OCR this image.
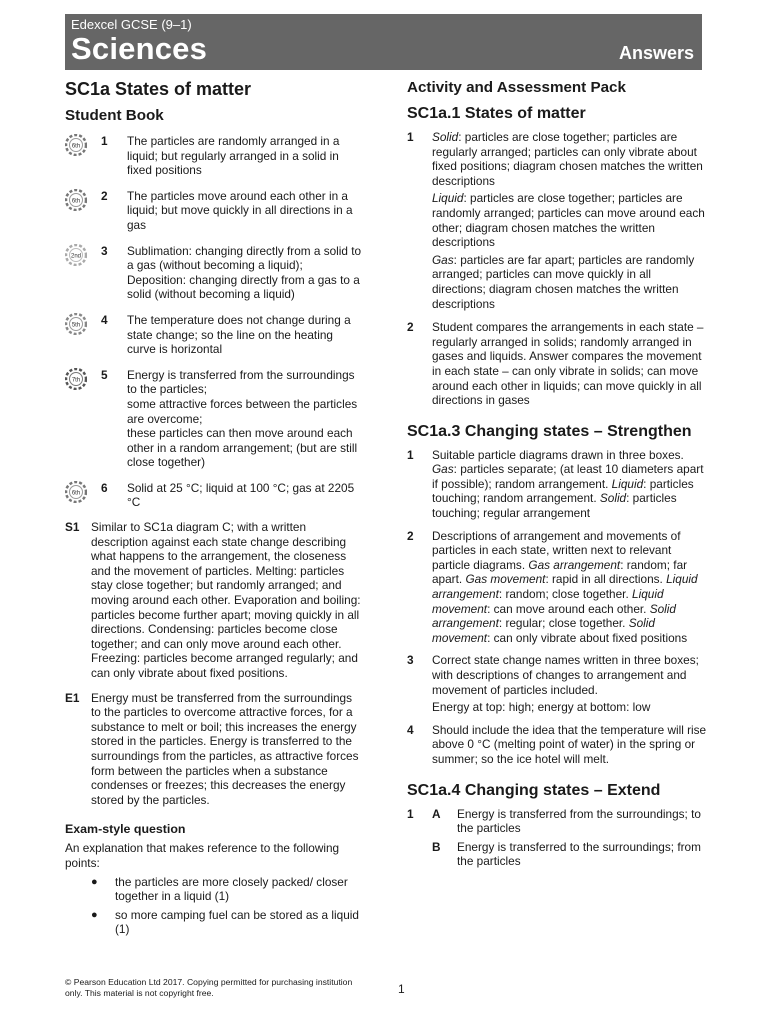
Edexcel GCSE (9–1)
Sciences	Answers
SC1a States of matter
Student Book
6th 1 The particles are randomly arranged in a liquid; but regularly arranged in a solid in fixed positions

6th 2 The particles move around each other in a liquid; but move quickly in all directions in a gas

2nd 3 Sublimation: changing directly from a solid to a gas (without becoming a liquid); Deposition: changing directly from a gas to a solid (without becoming a liquid)

5th 4 The temperature does not change during a state change; so the line on the heating curve is horizontal

7th 5 Energy is transferred from the surroundings to the particles;

some attractive forces between the particles are overcome;

these particles can then move around each other in a random arrangement; (but are still close together)

6th 6 Solid at 25 °C; liquid at 100 °C; gas at 2205 °C

S1 Similar to SC1a diagram C; with a written description against each state change describing what happens to the arrangement, the closeness and the movement of particles. Melting: particles stay close together; but randomly arranged; and moving around each other. Evaporation and boiling: particles become further apart; moving quickly in all directions. Condensing: particles become close together; and can only move around each other. Freezing: particles become arranged regularly; and can only vibrate about fixed positions.

E1 Energy must be transferred from the surroundings to the particles to overcome attractive forces, for a substance to melt or boil; this increases the energy stored in the particles. Energy is transferred to the surroundings from the particles, as attractive forces form between the particles when a substance condenses or freezes; this decreases the energy stored by the particles.

Exam-style question

An explanation that makes reference to the following points:

● the particles are more closely packed/ closer together in a liquid (1)

● so more camping fuel can be stored as a liquid (1)

Activity and Assessment Pack
SC1a.1 States of matter
1 Solid: particles are close together; particles are regularly arranged; particles can only vibrate about fixed positions; diagram chosen matches the written descriptions

Liquid: particles are close together; particles are randomly arranged; particles can move around each other; diagram chosen matches the written descriptions

Gas: particles are far apart; particles are randomly arranged; particles can move quickly in all directions; diagram chosen matches the written descriptions

2 Student compares the arrangements in each state – regularly arranged in solids; randomly arranged in gases and liquids. Answer compares the movement in each state – can only vibrate in solids; can move around each other in liquids; can move quickly in all directions in gases

SC1a.3 Changing states – Strengthen
1 Suitable particle diagrams drawn in three boxes. Gas: particles separate; (at least 10 diameters apart if possible); random arrangement. Liquid: particles touching; random arrangement. Solid: particles touching; regular arrangement

2 Descriptions of arrangement and movements of particles in each state, written next to relevant particle diagrams. Gas arrangement: random; far apart. Gas movement: rapid in all directions. Liquid arrangement: random; close together. Liquid movement: can move around each other. Solid arrangement: regular; close together. Solid movement: can only vibrate about fixed positions

3 Correct state change names written in three boxes; with descriptions of changes to arrangement and movement of particles included.

Energy at top: high; energy at bottom: low

4 Should include the idea that the temperature will rise above 0 °C (melting point of water) in the spring or summer; so the ice hotel will melt.

SC1a.4 Changing states – Extend
1 A Energy is transferred from the surroundings; to the particles

B Energy is transferred to the surroundings; from the particles

© Pearson Education Ltd 2017. Copying permitted for purchasing institution only. This material is not copyright free.	1
